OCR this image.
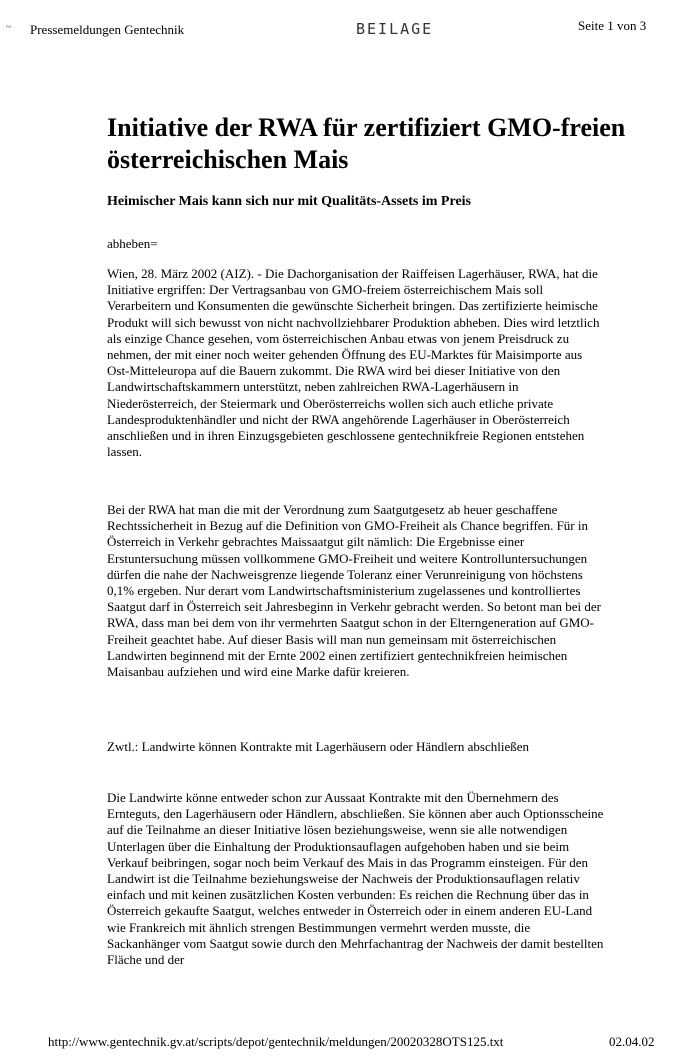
~ Pressemeldungen Gentechnik	BEILAGE	Seite 1 von 3
Initiative der RWA für zertifiziert GMO-freien österreichischen Mais

Heimischer Mais kann sich nur mit Qualitäts-Assets im Preis

abheben=

Wien, 28. März 2002 (AIZ). - Die Dachorganisation der Raiffeisen Lagerhäuser, RWA, hat die Initiative ergriffen: Der Vertragsanbau von GMO-freiem österreichischem Mais soll Verarbeitern und Konsumenten die gewünschte Sicherheit bringen. Das zertifizierte heimische Produkt will sich bewusst von nicht nachvollziehbarer Produktion abheben. Dies wird letztlich als einzige Chance gesehen, vom österreichischen Anbau etwas von jenem Preisdruck zu nehmen, der mit einer noch weiter gehenden Öffnung des EU-Marktes für Maisimporte aus Ost-Mitteleuropa auf die Bauern zukommt. Die RWA wird bei dieser Initiative von den Landwirtschaftskammern unterstützt, neben zahlreichen RWA-Lagerhäusern in Niederösterreich, der Steiermark und Oberösterreichs wollen sich auch etliche private Landesproduktenhändler und nicht der RWA angehörende Lagerhäuser in Oberösterreich anschließen und in ihren Einzugsgebieten geschlossene gentechnikfreie Regionen entstehen lassen.

Bei der RWA hat man die mit der Verordnung zum Saatgutgesetz ab heuer geschaffene Rechtssicherheit in Bezug auf die Definition von GMO-Freiheit als Chance begriffen. Für in Österreich in Verkehr gebrachtes Maissaatgut gilt nämlich: Die Ergebnisse einer Erstuntersuchung müssen vollkommene GMO-Freiheit und weitere Kontrolluntersuchungen dürfen die nahe der Nachweisgrenze liegende Toleranz einer Verunreinigung von höchstens 0,1% ergeben. Nur derart vom Landwirtschaftsministerium zugelassenes und kontrolliertes Saatgut darf in Österreich seit Jahresbeginn in Verkehr gebracht werden. So betont man bei der RWA, dass man bei dem von ihr vermehrten Saatgut schon in der Elterngeneration auf GMO-Freiheit geachtet habe. Auf dieser Basis will man nun gemeinsam mit österreichischen Landwirten beginnend mit der Ernte 2002 einen zertifiziert gentechnikfreien heimischen Maisanbau aufziehen und wird eine Marke dafür kreieren.

Zwtl.: Landwirte können Kontrakte mit Lagerhäusern oder Händlern abschließen

Die Landwirte könne entweder schon zur Aussaat Kontrakte mit den Übernehmern des Ernteguts, den Lagerhäusern oder Händlern, abschließen. Sie können aber auch Optionsscheine auf die Teilnahme an dieser Initiative lösen beziehungsweise, wenn sie alle notwendigen Unterlagen über die Einhaltung der Produktionsauflagen aufgehoben haben und sie beim Verkauf beibringen, sogar noch beim Verkauf des Mais in das Programm einsteigen. Für den Landwirt ist die Teilnahme beziehungsweise der Nachweis der Produktionsauflagen relativ einfach und mit keinen zusätzlichen Kosten verbunden: Es reichen die Rechnung über das in Österreich gekaufte Saatgut, welches entweder in Österreich oder in einem anderen EU-Land wie Frankreich mit ähnlich strengen Bestimmungen vermehrt werden musste, die Sackanhänger vom Saatgut sowie durch den Mehrfachantrag der Nachweis der damit bestellten Fläche und der

http://www.gentechnik.gv.at/scripts/depot/gentechnik/meldungen/20020328OTS125.txt	02.04.02
